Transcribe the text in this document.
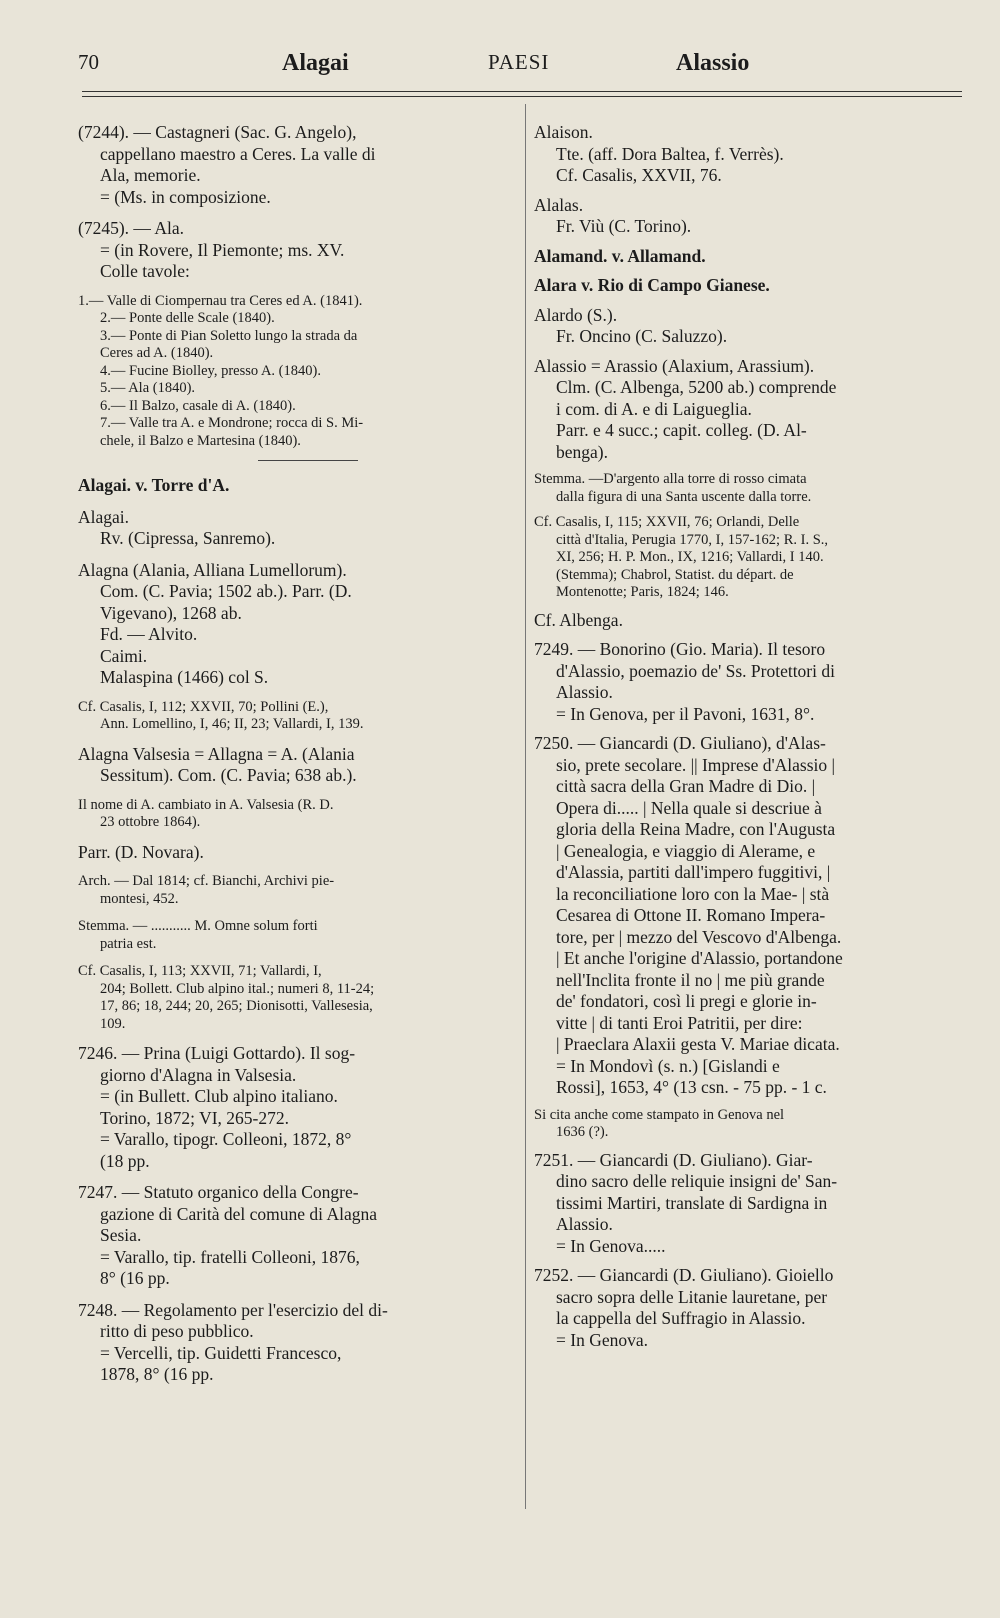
70	Alagai	PAESI	Alassio
(7244). — Castagneri (Sac. G. Angelo),
cappellano maestro a Ceres. La valle di
Ala, memorie.
= (Ms. in composizione.
(7245). — Ala.
= (in Rovere, Il Piemonte; ms. XV.
Colle tavole:
1.— Valle di Ciompernau tra Ceres ed A. (1841).
2.— Ponte delle Scale (1840).
3.— Ponte di Pian Soletto lungo la strada da
Ceres ad A. (1840).
4.— Fucine Biolley, presso A. (1840).
5.— Ala (1840).
6.— Il Balzo, casale di A. (1840).
7.— Valle tra A. e Mondrone; rocca di S. Mi-
chele, il Balzo e Martesina (1840).
Alagai. v. Torre d'A.
Alagai.
Rv. (Cipressa, Sanremo).
Alagna (Alania, Alliana Lumellorum).
Com. (C. Pavia; 1502 ab.). Parr. (D.
Vigevano), 1268 ab.
Fd. — Alvito.
Caimi.
Malaspina (1466) col S.
Cf. Casalis, I, 112; XXVII, 70; Pollini (E.),
Ann. Lomellino, I, 46; II, 23; Vallardi, I, 139.
Alagna Valsesia = Allagna = A. (Alania
Sessitum). Com. (C. Pavia; 638 ab.).
Il nome di A. cambiato in A. Valsesia (R. D.
23 ottobre 1864).
Parr. (D. Novara).
Arch. — Dal 1814; cf. Bianchi, Archivi pie-
montesi, 452.
Stemma. — ........... M. Omne solum forti
patria est.
Cf. Casalis, I, 113; XXVII, 71; Vallardi, I,
204; Bollett. Club alpino ital.; numeri 8, 11-24;
17, 86; 18, 244; 20, 265; Dionisotti, Vallesesia,
109.
7246. — Prina (Luigi Gottardo). Il sog-
giorno d'Alagna in Valsesia.
= (in Bullett. Club alpino italiano.
Torino, 1872; VI, 265-272.
= Varallo, tipogr. Colleoni, 1872, 8°
(18 pp.
7247. — Statuto organico della Congre-
gazione di Carità del comune di Alagna
Sesia.
= Varallo, tip. fratelli Colleoni, 1876,
8° (16 pp.
7248. — Regolamento per l'esercizio del di-
ritto di peso pubblico.
= Vercelli, tip. Guidetti Francesco,
1878, 8° (16 pp.
Alaison.
Tte. (aff. Dora Baltea, f. Verrès).
Cf. Casalis, XXVII, 76.
Alalas.
Fr. Viù (C. Torino).
Alamand. v. Allamand.
Alara v. Rio di Campo Gianese.
Alardo (S.).
Fr. Oncino (C. Saluzzo).
Alassio = Arassio (Alaxium, Arassium).
Clm. (C. Albenga, 5200 ab.) comprende
i com. di A. e di Laigueglia.
Parr. e 4 succ.; capit. colleg. (D. Al-
benga).
Stemma. —D'argento alla torre di rosso cimata
dalla figura di una Santa uscente dalla torre.
Cf. Casalis, I, 115; XXVII, 76; Orlandi, Delle
città d'Italia, Perugia 1770, I, 157-162; R. I. S.,
XI, 256; H. P. Mon., IX, 1216; Vallardi, I 140.
(Stemma); Chabrol, Statist. du départ. de
Montenotte; Paris, 1824; 146.
Cf. Albenga.
7249. — Bonorino (Gio. Maria). Il tesoro
d'Alassio, poemazio de' Ss. Protettori di
Alassio.
= In Genova, per il Pavoni, 1631, 8°.
7250. — Giancardi (D. Giuliano), d'Alas-
sio, prete secolare. || Imprese d'Alassio |
città sacra della Gran Madre di Dio. |
Opera di..... | Nella quale si descriue à
gloria della Reina Madre, con l'Augusta
| Genealogia, e viaggio di Alerame, e
d'Alassia, partiti dall'impero fuggitivi, |
la reconciliatione loro con la Mae- | stà
Cesarea di Ottone II. Romano Impera-
tore, per | mezzo del Vescovo d'Albenga.
| Et anche l'origine d'Alassio, portandone
nell'Inclita fronte il no | me più grande
de' fondatori, così li pregi e glorie in-
vitte | di tanti Eroi Patritii, per dire:
| Praeclara Alaxii gesta V. Mariae dicata.
= In Mondovì (s. n.) [Gislandi e
Rossi], 1653, 4° (13 csn. - 75 pp. - 1 c.
Si cita anche come stampato in Genova nel
1636 (?).
7251. — Giancardi (D. Giuliano). Giar-
dino sacro delle reliquie insigni de' San-
tissimi Martiri, translate di Sardigna in
Alassio.
= In Genova.....
7252. — Giancardi (D. Giuliano). Gioiello
sacro sopra delle Litanie lauretane, per
la cappella del Suffragio in Alassio.
= In Genova.
